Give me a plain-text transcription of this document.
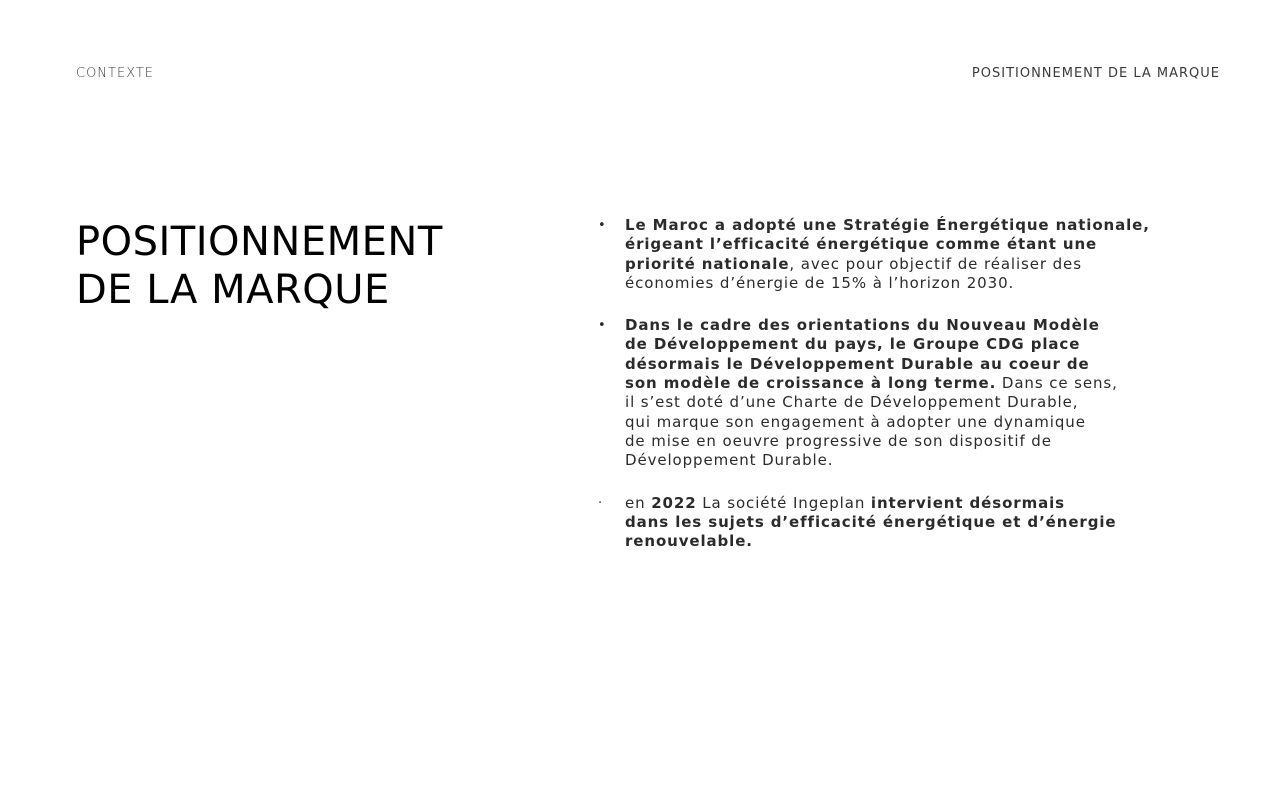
CONTEXTE	POSITIONNEMENT DE LA MARQUE
POSITIONNEMENT
DE LA MARQUE
• Le Maroc a adopté une Stratégie Énergétique nationale,
érigeant l’efficacité énergétique comme étant une
priorité nationale, avec pour objectif de réaliser des
économies d’énergie de 15% à l’horizon 2030.
• Dans le cadre des orientations du Nouveau Modèle
de Développement du pays, le Groupe CDG place
désormais le Développement Durable au coeur de
son modèle de croissance à long terme. Dans ce sens,
il s’est doté d’une Charte de Développement Durable,
qui marque son engagement à adopter une dynamique
de mise en oeuvre progressive de son dispositif de
Développement Durable.
· en 2022 La société Ingeplan intervient désormais
dans les sujets d’efficacité énergétique et d’énergie
renouvelable.
